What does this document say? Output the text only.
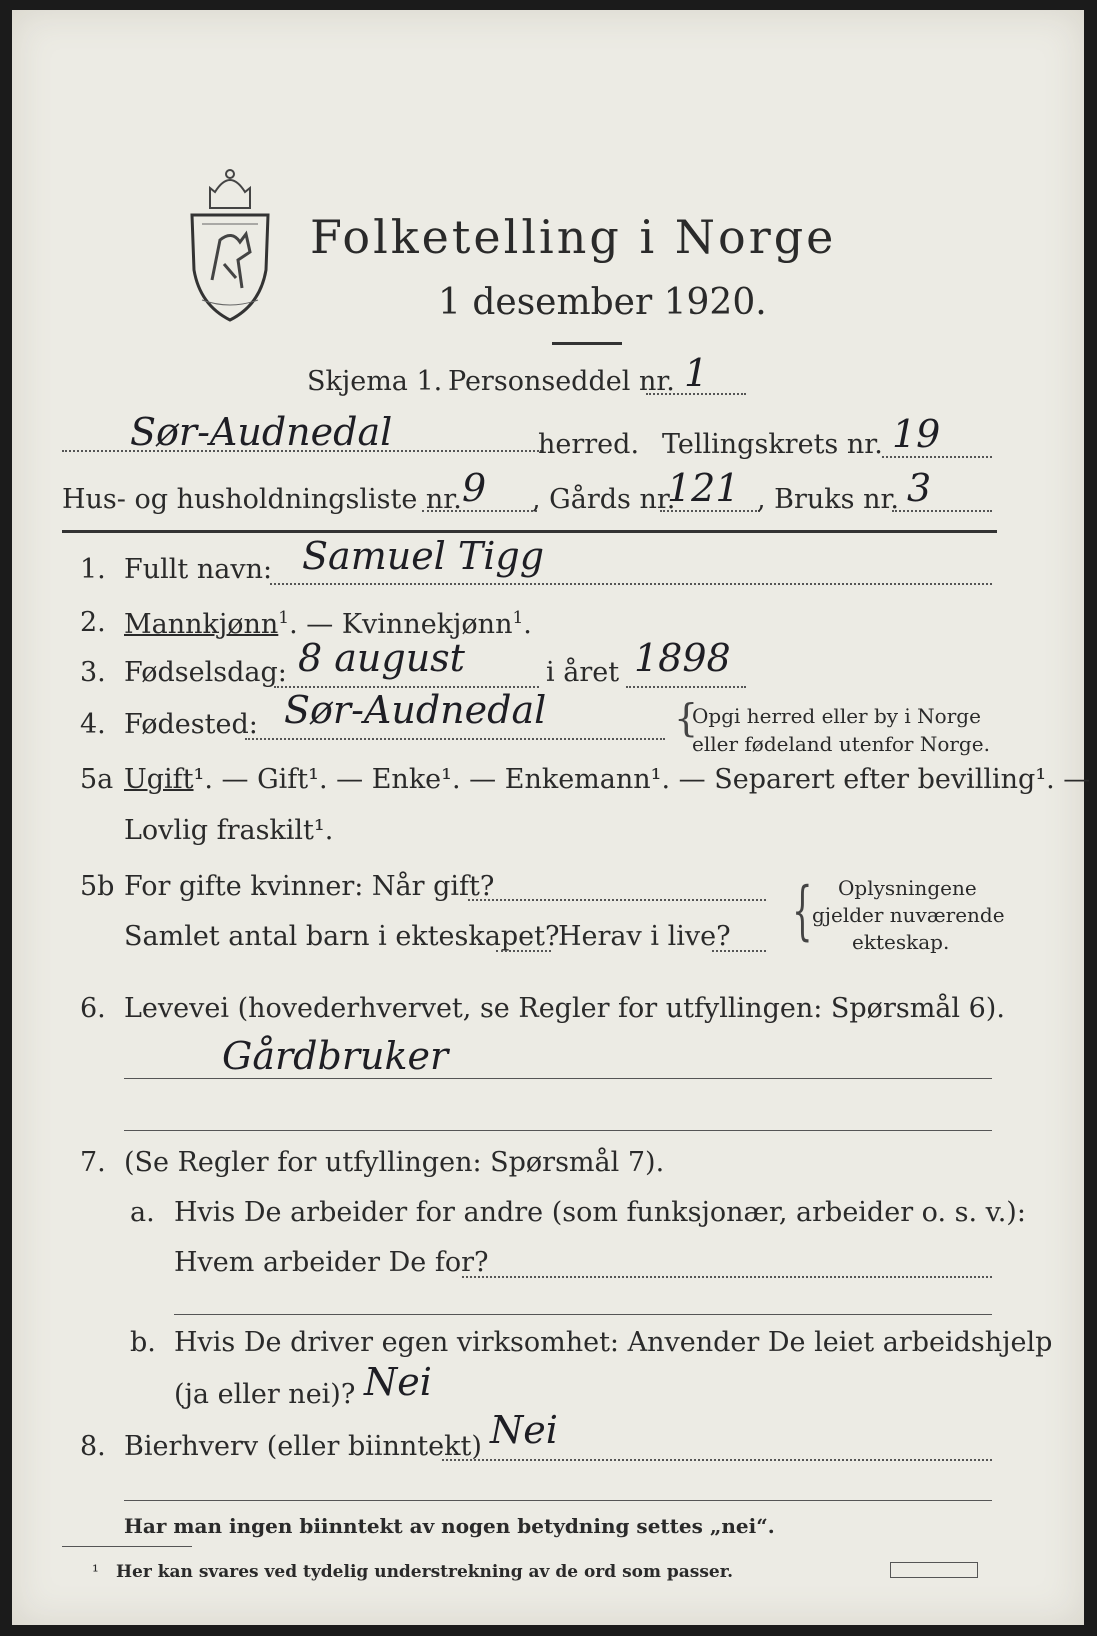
Folketelling i Norge
1 desember 1920.
Skjema 1. Personseddel nr. 1
Sør-Audnedal	herred. Tellingskrets nr. 19
Hus- og husholdningsliste nr. 9 , Gårds nr.
121 , Bruks nr. 3
1. Fullt navn: Samuel Tigg
2. Mannkjønn$^1$. — Kvinnekjønn$^1$.
3. Fødselsdag: 8 august	i året 1898
4. Fødested: Sør-Audnedal	{
Opgi herred eller by i Norge
eller fødeland utenfor Norge.
5a Ugift¹. — Gift¹. — Enke¹. — Enkemann¹. — Separert efter bevilling¹. —
Lovlig fraskilt¹.
5b For gifte kvinner: Når gift?
Samlet antal barn i ekteskapet?
Herav i live? { Oplysningene
gjelder nuværende
ekteskap.
6. Levevei (hovederhvervet, se Regler for utfyllingen: Spørsmål 6).
Gårdbruker
7. (Se Regler for utfyllingen: Spørsmål 7).
a. Hvis De arbeider for andre (som funksjonær, arbeider o. s. v.):
Hvem arbeider De for?
b. Hvis De driver egen virksomhet: Anvender De leiet arbeidshjelp
(ja eller nei)? Nei
8. Bierhverv (eller biinntekt) Nei
Har man ingen biinntekt av nogen betydning settes „nei“.
¹ Her kan svares ved tydelig understrekning av de ord som passer.
